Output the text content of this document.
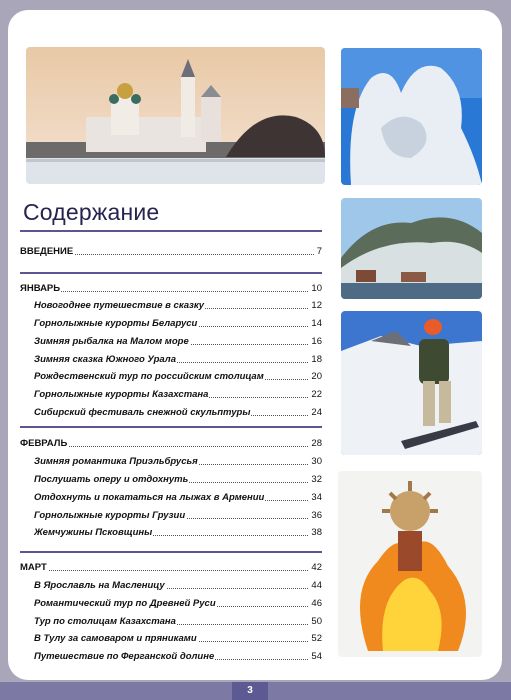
Содержание
ВВЕДЕНИЕ	7
ЯНВАРЬ	10
Новогоднее путешествие в сказку	12
Горнолыжные курорты Беларуси	14
Зимняя рыбалка на Малом море	16
Зимняя сказка Южного Урала	18
Рождественский тур по российским столицам	20
Горнолыжные курорты Казахстана	22
Сибирский фестиваль снежной скульптуры	24
ФЕВРАЛЬ	28
Зимняя романтика Приэльбрусья	30
Послушать оперу и отдохнуть	32
Отдохнуть и покататься на лыжах в Армении	34
Горнолыжные курорты Грузии	36
Жемчужины Псковщины	38
МАРТ	42
В Ярославль на Масленицу	44
Романтический тур по Древней Руси	46
Тур по столицам Казахстана	50
В Тулу за самоваром и пряниками	52
Путешествие по Ферганской долине	54
3
